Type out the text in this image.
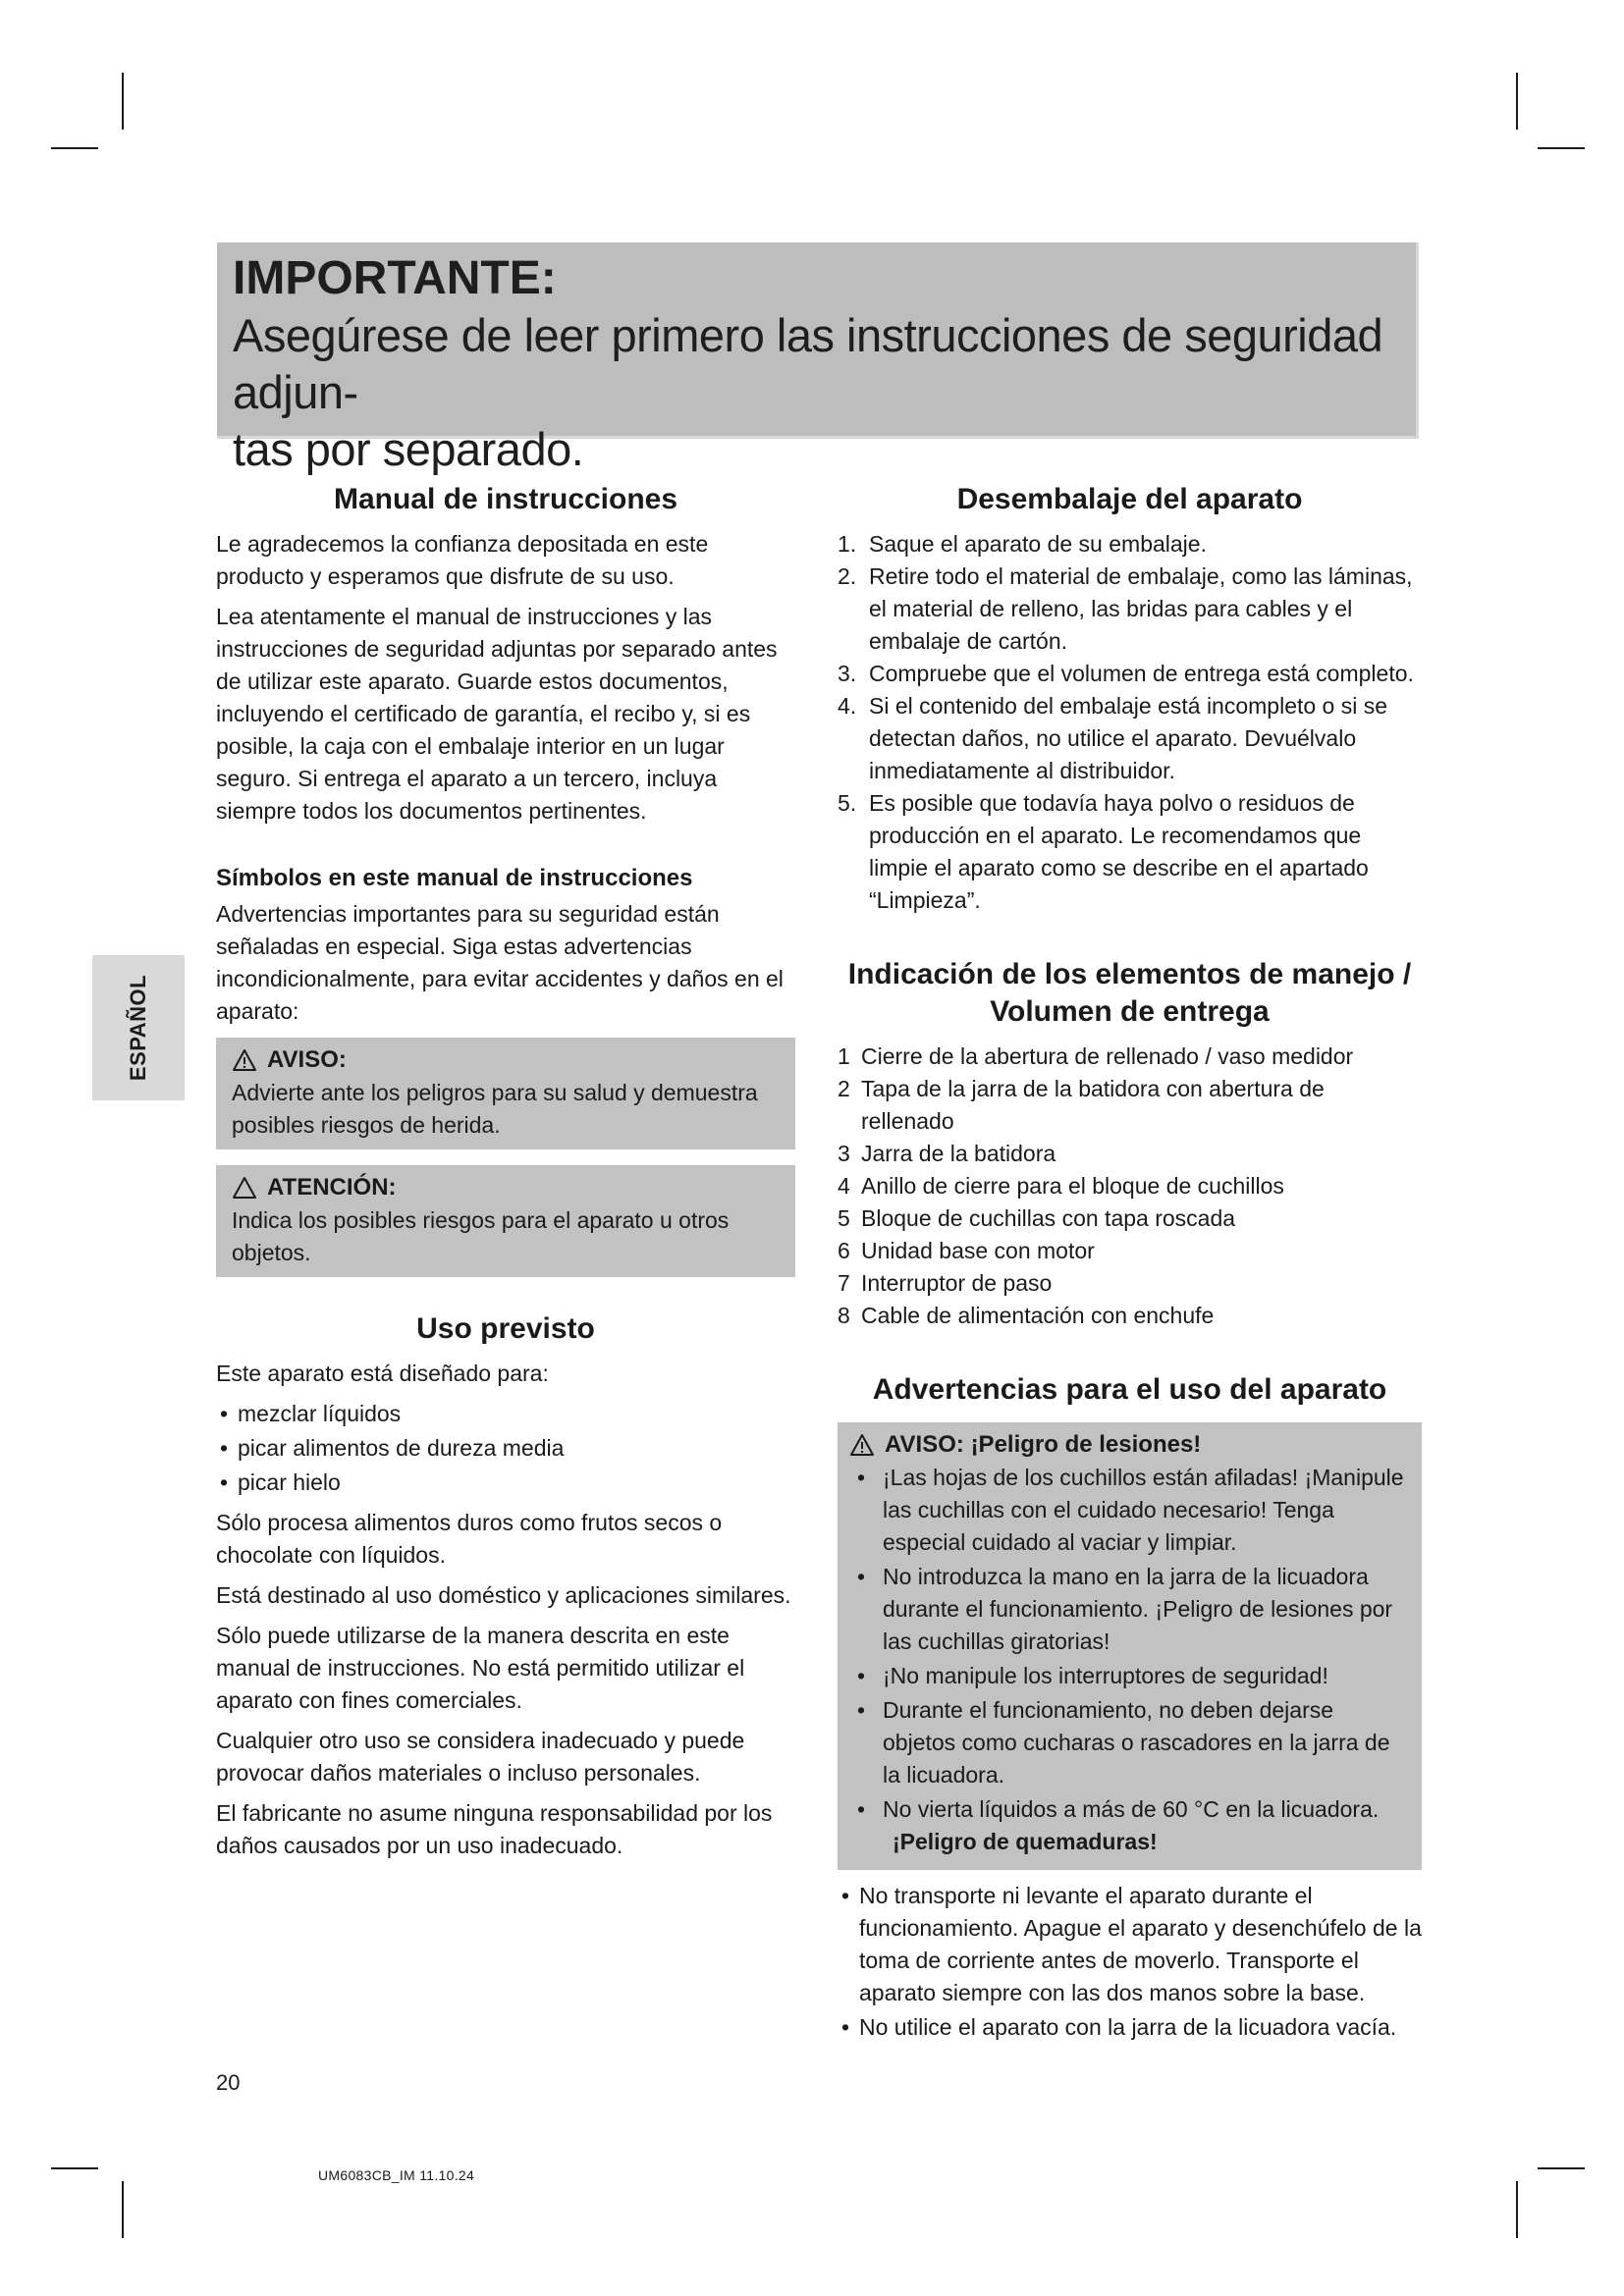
IMPORTANTE:
Asegúrese de leer primero las instrucciones de seguridad adjun-
tas por separado.
ESPAÑOL
Manual de instrucciones

Le agradecemos la confianza depositada en este producto y esperamos que disfrute de su uso.

Lea atentamente el manual de instrucciones y las instrucciones de seguridad adjuntas por separado antes de utilizar este aparato. Guarde estos documentos, incluyendo el certificado de garantía, el recibo y, si es posible, la caja con el embalaje interior en un lugar seguro. Si entrega el aparato a un tercero, incluya siempre todos los documentos pertinentes.

Símbolos en este manual de instrucciones

Advertencias importantes para su seguridad están señaladas en especial. Siga estas advertencias incondicionalmente, para evitar accidentes y daños en el aparato:

AVISO:

Advierte ante los peligros para su salud y demuestra posibles riesgos de herida.

ATENCIÓN:

Indica los posibles riesgos para el aparato u otros objetos.

Uso previsto

Este aparato está diseñado para:

• mezclar líquidos
• picar alimentos de dureza media
• picar hielo

Sólo procesa alimentos duros como frutos secos o chocolate con líquidos.

Está destinado al uso doméstico y aplicaciones similares.

Sólo puede utilizarse de la manera descrita en este manual de instrucciones. No está permitido utilizar el aparato con fines comerciales.

Cualquier otro uso se considera inadecuado y puede provocar daños materiales o incluso personales.

El fabricante no asume ninguna responsabilidad por los daños causados por un uso inadecuado.

Desembalaje del aparato
1. Saque el aparato de su embalaje.
2. Retire todo el material de embalaje, como las láminas, el material de relleno, las bridas para cables y el embalaje de cartón.
3. Compruebe que el volumen de entrega está completo.
4. Si el contenido del embalaje está incompleto o si se detectan daños, no utilice el aparato. Devuélvalo inmediatamente al distribuidor.
5. Es posible que todavía haya polvo o residuos de producción en el aparato. Le recomendamos que limpie el aparato como se describe en el apartado “Limpieza”.
Indicación de los elementos de manejo /
Volumen de entrega
1 Cierre de la abertura de rellenado / vaso medidor
2 Tapa de la jarra de la batidora con abertura de rellenado
3 Jarra de la batidora
4 Anillo de cierre para el bloque de cuchillos
5 Bloque de cuchillas con tapa roscada
6 Unidad base con motor
7 Interruptor de paso
8 Cable de alimentación con enchufe
Advertencias para el uso del aparato
AVISO: ¡Peligro de lesiones!
• ¡Las hojas de los cuchillos están afiladas! ¡Manipule las cuchillas con el cuidado necesario! Tenga especial cuidado al vaciar y limpiar.
• No introduzca la mano en la jarra de la licuadora durante el funcionamiento. ¡Peligro de lesiones por las cuchillas giratorias!
• ¡No manipule los interruptores de seguridad!
• Durante el funcionamiento, no deben dejarse objetos como cucharas o rascadores en la jarra de la licuadora.
• No vierta líquidos a más de 60 °C en la licuadora.
¡Peligro de quemaduras!
• No transporte ni levante el aparato durante el funcionamiento. Apague el aparato y desenchúfelo de la toma de corriente antes de moverlo. Transporte el aparato siempre con las dos manos sobre la base.
• No utilice el aparato con la jarra de la licuadora vacía.
20
UM6083CB_IM 11.10.24
